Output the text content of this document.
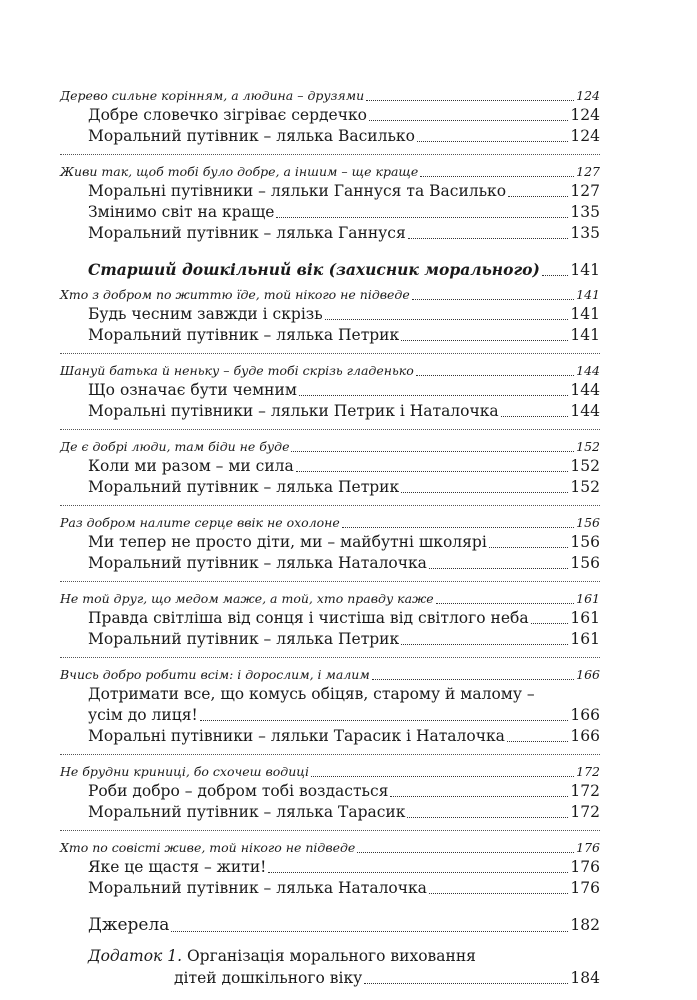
Дерево сильне корінням, а людина – друзями	124
Добре словечко зігріває сердечко	124
Моральний путівник – лялька Василько	124
Живи так, щоб тобі було добре, а іншим – ще краще	127
Моральні путівники – ляльки Ганнуся та Василько	127
Змінимо світ на краще	135
Моральний путівник – лялька Ганнуся	135
Старший дошкільний вік (захисник морального) 141
Хто з добром по життю їде, той нікого не підведе	141
Будь чесним завжди і скрізь	141
Моральний путівник – лялька Петрик	141
Шануй батька й неньку – буде тобі скрізь гладенько	144
Що означає бути чемним	144
Моральні путівники – ляльки Петрик і Наталочка	144
Де є добрі люди, там біди не буде	152
Коли ми разом – ми сила	152
Моральний путівник – лялька Петрик	152
Раз добром налите серце ввік не охолоне	156
Ми тепер не просто діти, ми – майбутні школярі	156
Моральний путівник – лялька Наталочка	156
Не той друг, що медом маже, а той, хто правду каже	161
Правда світліша від сонця і чистіша від світлого неба	161
Моральний путівник – лялька Петрик	161
Вчись добро робити всім: і дорослим, і малим	166
Дотримати все, що комусь обіцяв, старому й малому –
усім до лиця!	166
Моральні путівники – ляльки Тарасик і Наталочка	166
Не брудни криниці, бо схочеш водиці	172
Роби добро – добром тобі воздасться	172
Моральний путівник – лялька Тарасик	172
Хто по совісті живе, той нікого не підведе	176
Яке це щастя – жити!	176
Моральний путівник – лялька Наталочка	176
Джерела	182
Додаток 1. Організація морального виховання
дітей дошкільного віку	184
